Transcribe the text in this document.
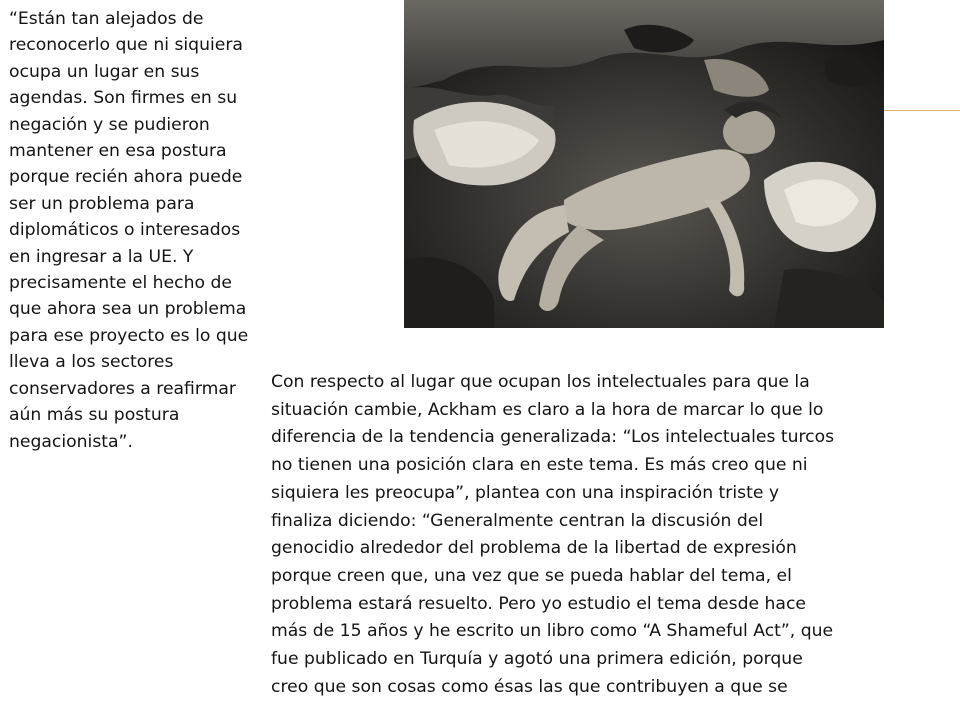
“Están tan alejados de
reconocerlo que ni siquiera
ocupa un lugar en sus
agendas. Son firmes en su
negación y se pudieron
mantener en esa postura
porque recién ahora puede
ser un problema para
diplomáticos o interesados
en ingresar a la UE. Y
precisamente el hecho de
que ahora sea un problema
para ese proyecto es lo que
lleva a los sectores
conservadores a reafirmar
aún más su postura
negacionista”.
Con respecto al lugar que ocupan los intelectuales para que la
situación cambie, Ackham es claro a la hora de marcar lo que lo
diferencia de la tendencia generalizada: “Los intelectuales turcos
no tienen una posición clara en este tema. Es más creo que ni
siquiera les preocupa”, plantea con una inspiración triste y
finaliza diciendo: “Generalmente centran la discusión del
genocidio alrededor del problema de la libertad de expresión
porque creen que, una vez que se pueda hablar del tema, el
problema estará resuelto. Pero yo estudio el tema desde hace
más de 15 años y he escrito un libro como “A Shameful Act”, que
fue publicado en Turquía y agotó una primera edición, porque
creo que son cosas como ésas las que contribuyen a que se
